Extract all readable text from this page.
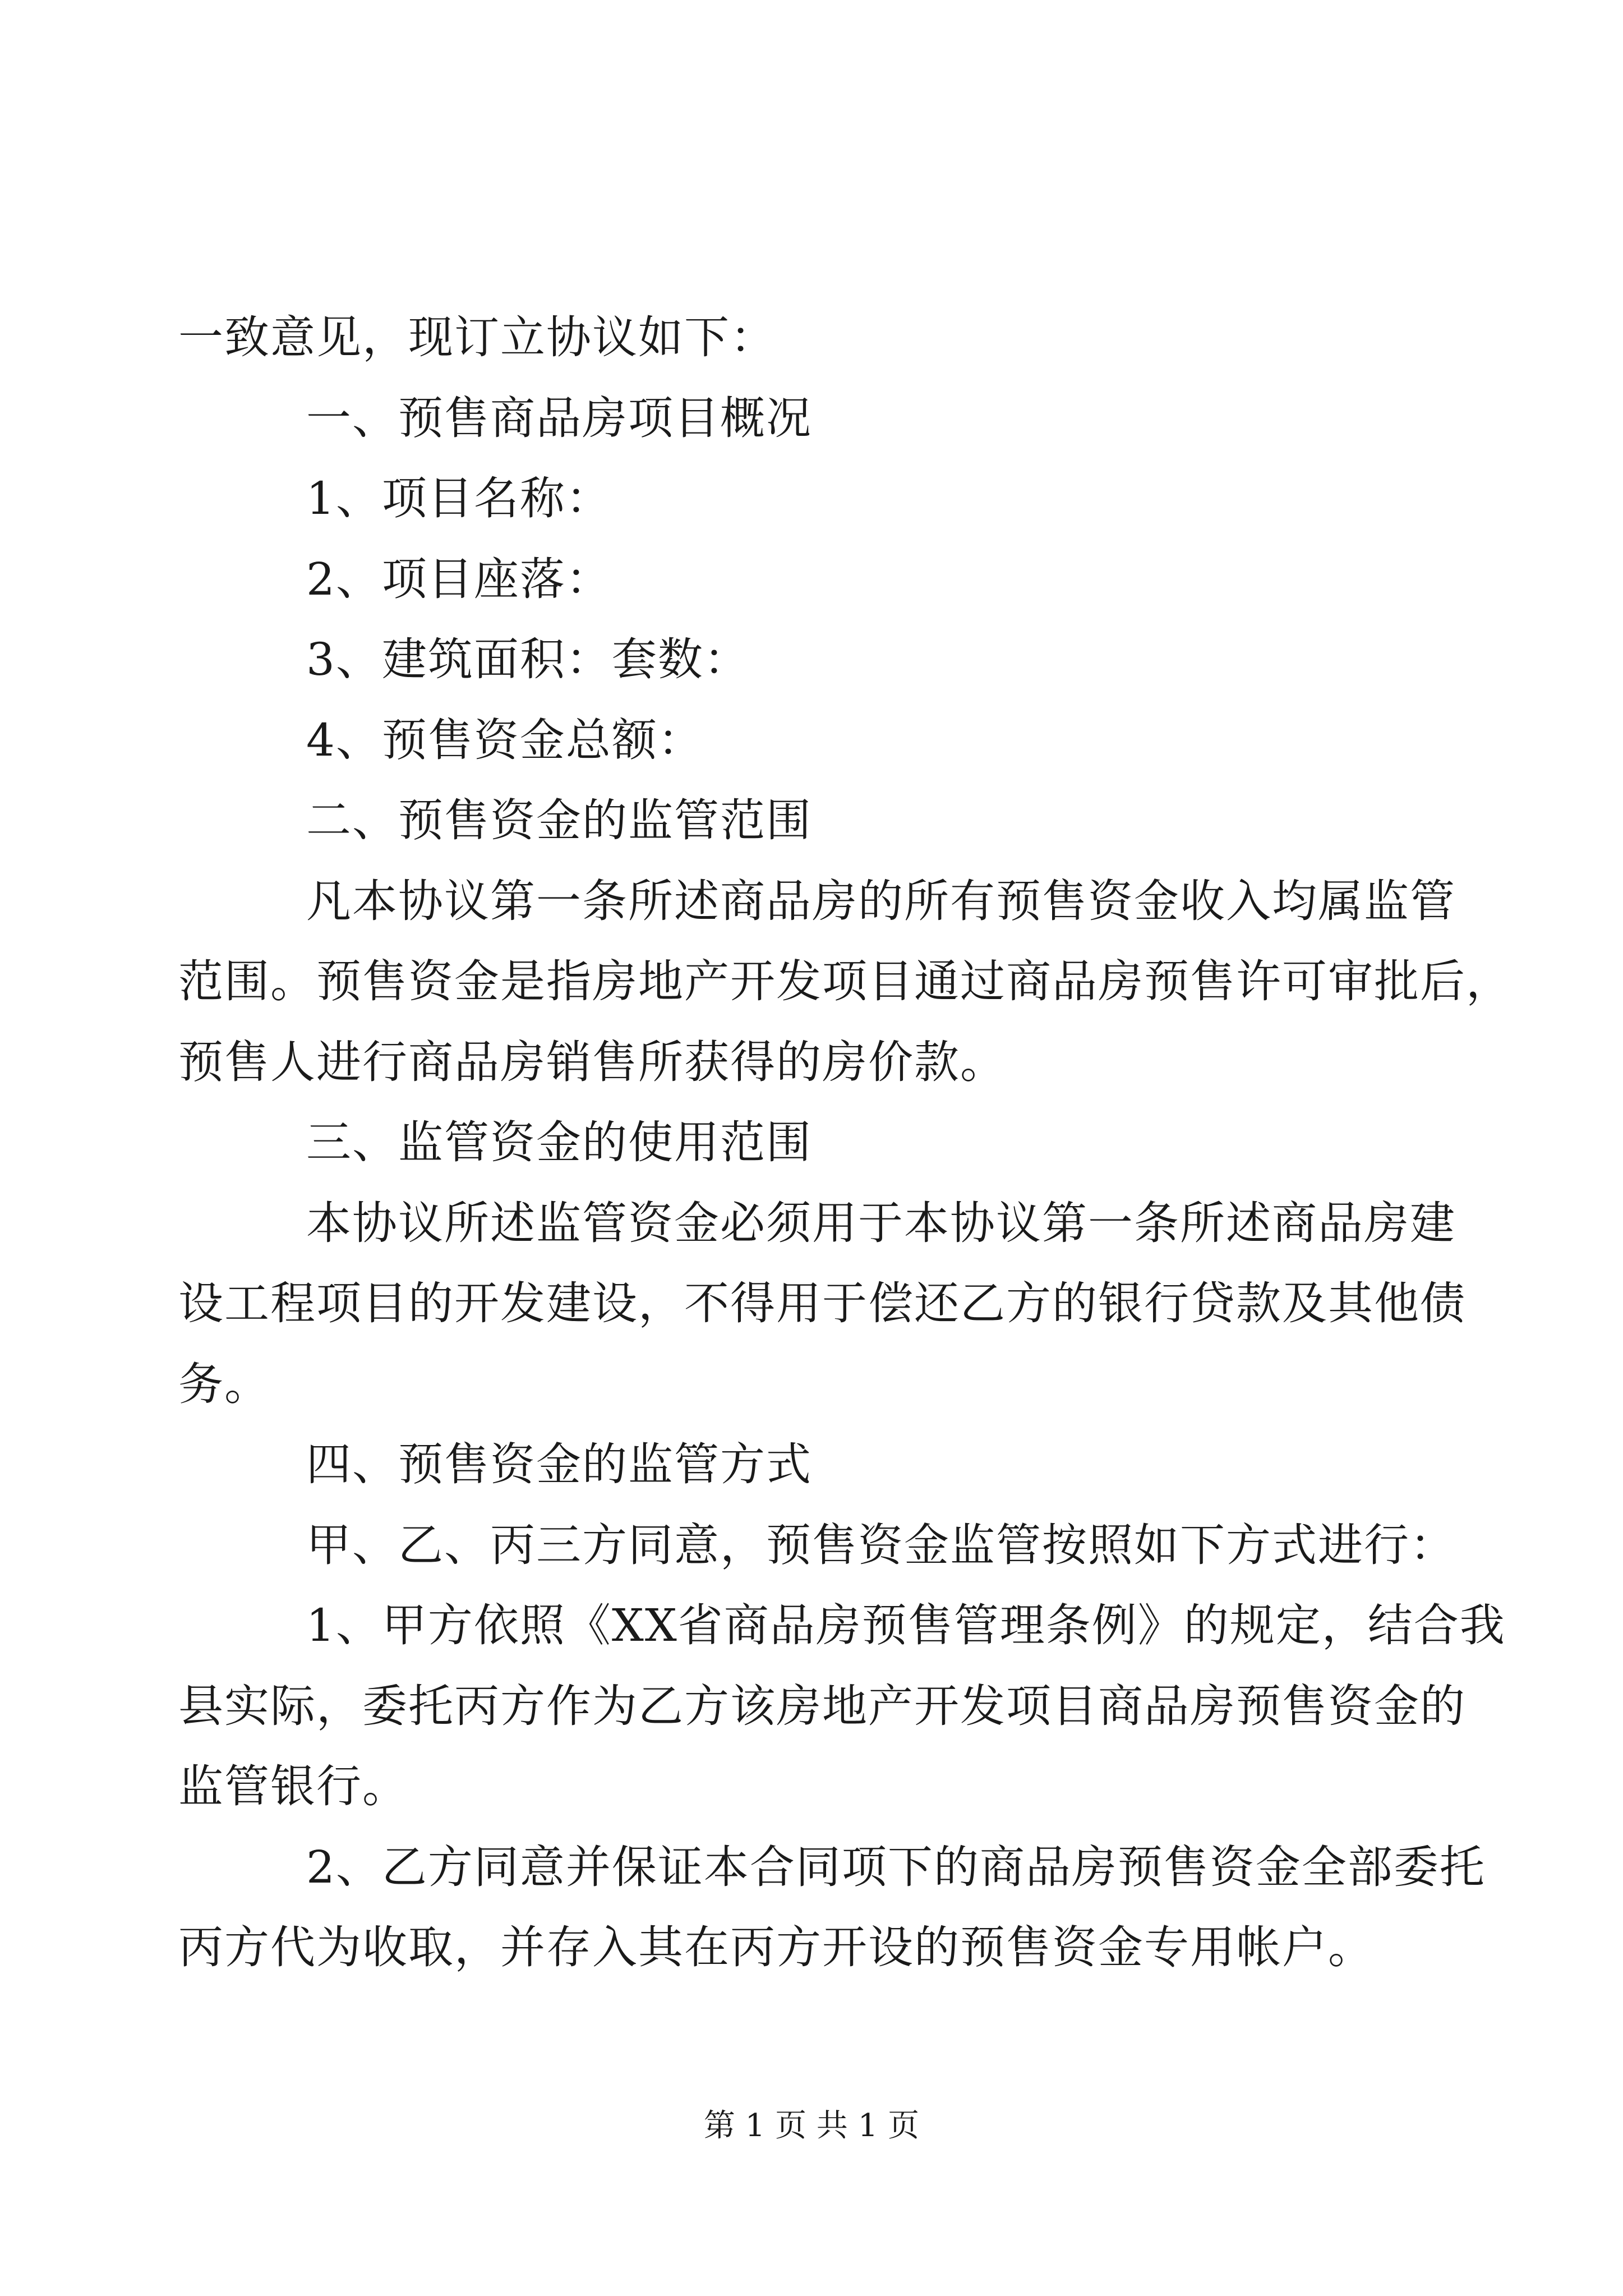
一致意见，现订立协议如下：
一、预售商品房项目概况
1、项目名称：
2、项目座落：
3、建筑面积：套数：
4、预售资金总额：
二、预售资金的监管范围
凡本协议第一条所述商品房的所有预售资金收入均属监管
范围。预售资金是指房地产开发项目通过商品房预售许可审批后，
预售人进行商品房销售所获得的房价款。
三、监管资金的使用范围
本协议所述监管资金必须用于本协议第一条所述商品房建
设工程项目的开发建设，不得用于偿还乙方的银行贷款及其他债
务。
四、预售资金的监管方式
甲、乙、丙三方同意，预售资金监管按照如下方式进行：
1、甲方依照《XX省商品房预售管理条例》的规定，结合我
县实际，委托丙方作为乙方该房地产开发项目商品房预售资金的
监管银行。
2、乙方同意并保证本合同项下的商品房预售资金全部委托
丙方代为收取，并存入其在丙方开设的预售资金专用帐户。
第 1 页 共 1 页
